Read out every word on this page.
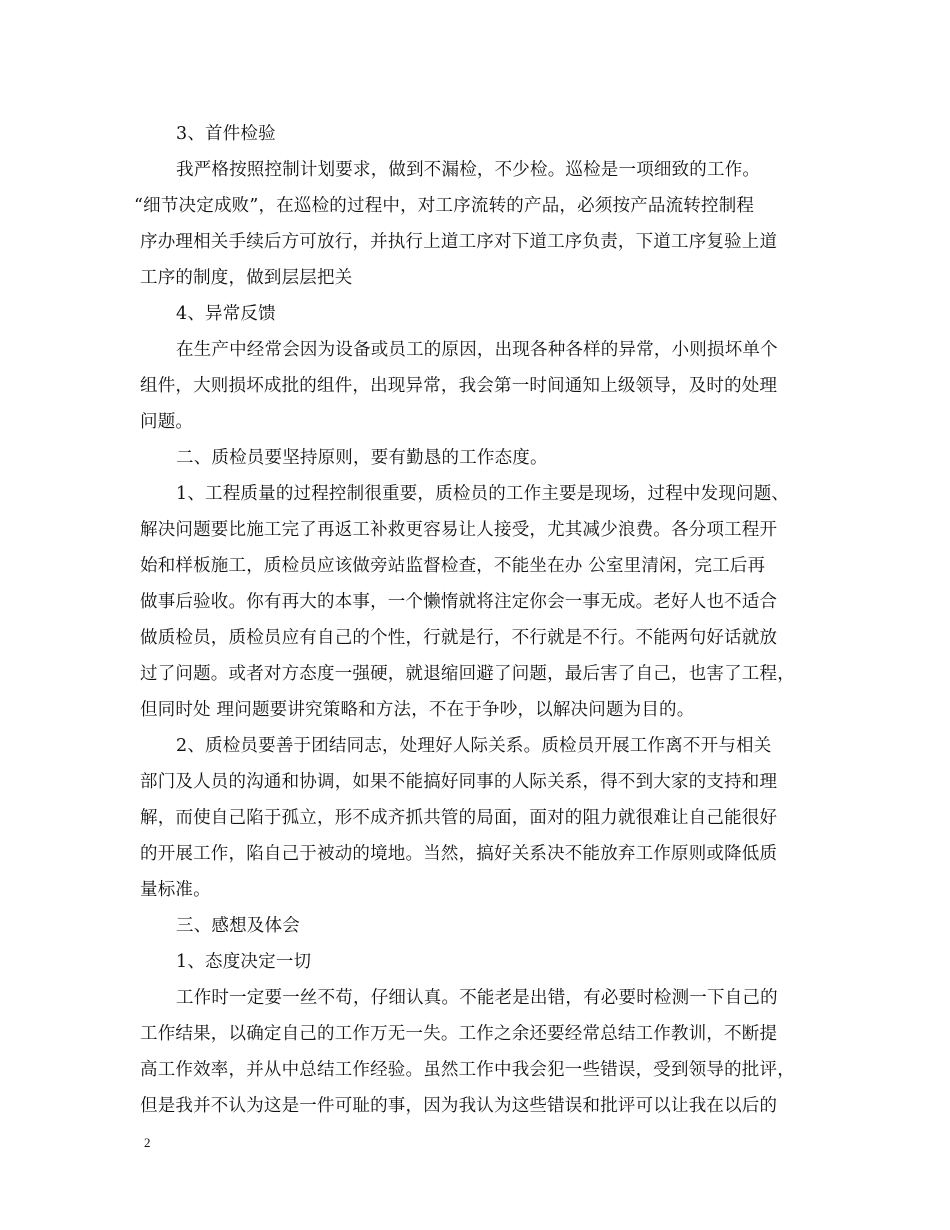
3、首件检验
我严格按照控制计划要求，做到不漏检，不少检。巡检是一项细致的工作。
“细节决定成败”，在巡检的过程中，对工序流转的产品，必须按产品流转控制程
序办理相关手续后方可放行，并执行上道工序对下道工序负责，下道工序复验上道
工序的制度，做到层层把关
4、异常反馈
在生产中经常会因为设备或员工的原因，出现各种各样的异常，小则损坏单个
组件，大则损坏成批的组件，出现异常，我会第一时间通知上级领导，及时的处理
问题。
二、质检员要坚持原则，要有勤恳的工作态度。
1、工程质量的过程控制很重要，质检员的工作主要是现场，过程中发现问题、
解决问题要比施工完了再返工补救更容易让人接受，尤其减少浪费。各分项工程开
始和样板施工，质检员应该做旁站监督检查，不能坐在办 公室里清闲，完工后再
做事后验收。你有再大的本事，一个懒惰就将注定你会一事无成。老好人也不适合
做质检员，质检员应有自己的个性，行就是行，不行就是不行。不能两句好话就放
过了问题。或者对方态度一强硬，就退缩回避了问题，最后害了自己，也害了工程，
但同时处 理问题要讲究策略和方法，不在于争吵，以解决问题为目的。
2、质检员要善于团结同志，处理好人际关系。质检员开展工作离不开与相关
部门及人员的沟通和协调，如果不能搞好同事的人际关系，得不到大家的支持和理
解，而使自己陷于孤立，形不成齐抓共管的局面，面对的阻力就很难让自己能很好
的开展工作，陷自己于被动的境地。当然，搞好关系决不能放弃工作原则或降低质
量标准。
三、感想及体会
1、态度决定一切
工作时一定要一丝不苟，仔细认真。不能老是出错，有必要时检测一下自己的
工作结果，以确定自己的工作万无一失。工作之余还要经常总结工作教训，不断提
高工作效率，并从中总结工作经验。虽然工作中我会犯一些错误，受到领导的批评，
但是我并不认为这是一件可耻的事，因为我认为这些错误和批评可以让我在以后的
2
